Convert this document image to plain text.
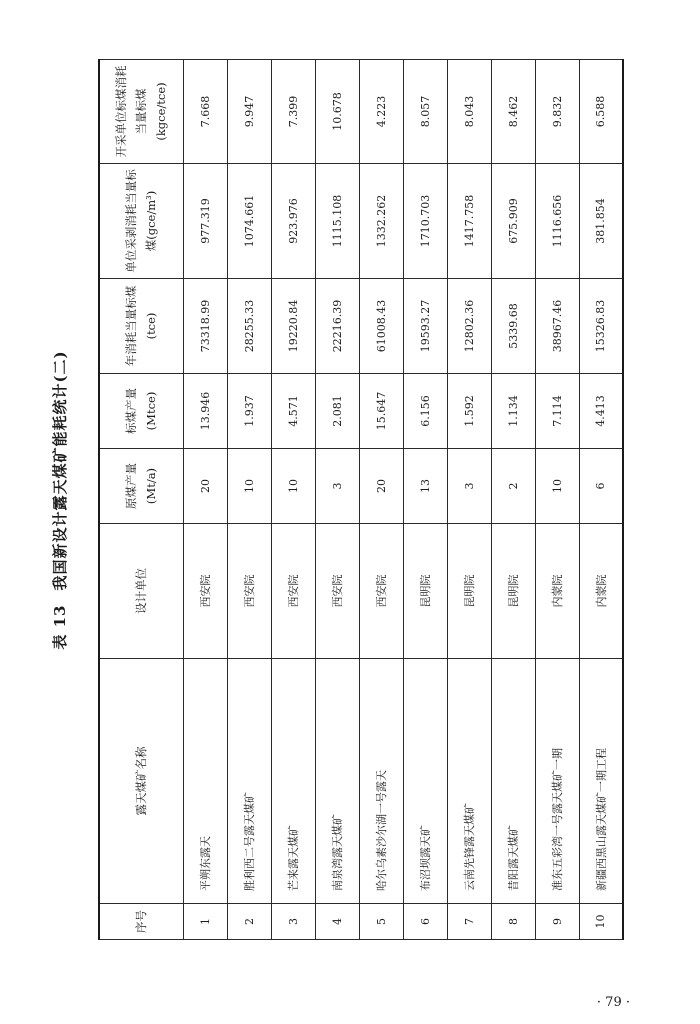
表 13我国新设计露天煤矿能耗统计(二)
序号	露天煤矿名称	设计单位	原煤产量(Mt/a)	标煤产量(Mtce)	年消耗当量标煤(tce)	单位采剥消耗当量标煤(gce/m³)	开采单位标煤消耗当量标煤(kgce/tce)
1	平朔东露天	西安院	20	13.946	73318.99	977.319	7.668
2	胜利西二号露天煤矿	西安院	10	1.937	28255.33	1074.661	9.947
3	芒来露天煤矿	西安院	10	4.571	19220.84	923.976	7.399
4	南泉湾露天煤矿	西安院	3	2.081	22216.39	1115.108	10.678
5	哈尔乌素沙尔湖一号露天	西安院	20	15.647	61008.43	1332.262	4.223
6	布沼坝露天矿	昆明院	13	6.156	19593.27	1710.703	8.057
7	云南先锋露天煤矿	昆明院	3	1.592	12802.36	1417.758	8.043
8	昔阳露天煤矿	昆明院	2	1.134	5339.68	675.909	8.462
9	准东五彩湾一号露天煤矿一期	内蒙院	10	7.114	38967.46	1116.656	9.832
10	新疆西黑山露天煤矿一期工程	内蒙院	6	4.413	15326.83	381.854	6.588
· 79 ·
